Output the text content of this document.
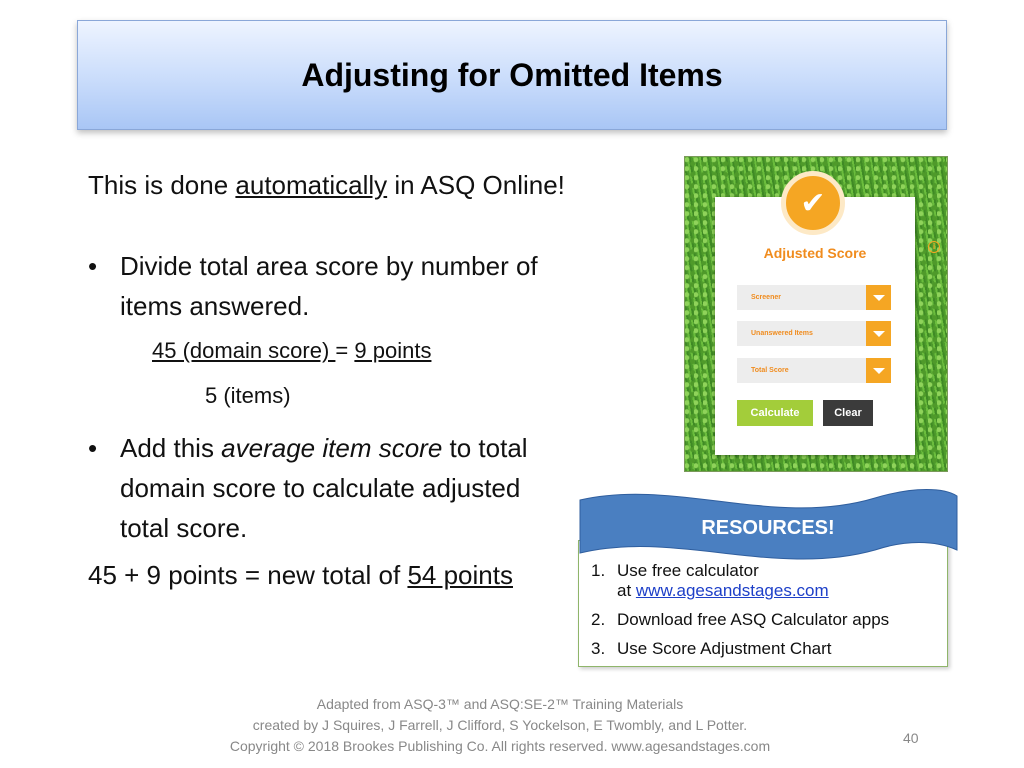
Adjusting for Omitted Items
This is done automatically in ASQ Online!
• Divide total area score by number of items answered.
45 (domain score) = 9 points
5 (items)
• Add this average item score to total domain score to calculate adjusted total score.
45 + 9 points = new total of 54 points
i
Adjusted Score
Screener
Unanswered Items
Total Score
Calculate	Clear
✔
1. Use free calculator
at www.agesandstages.com
2. Download free ASQ Calculator apps
3. Use Score Adjustment Chart
RESOURCES!
Adapted from ASQ-3™ and ASQ:SE-2™ Training Materials
created by J Squires, J Farrell, J Clifford, S Yockelson, E Twombly, and L Potter.
Copyright © 2018 Brookes Publishing Co. All rights reserved. www.agesandstages.com	40
